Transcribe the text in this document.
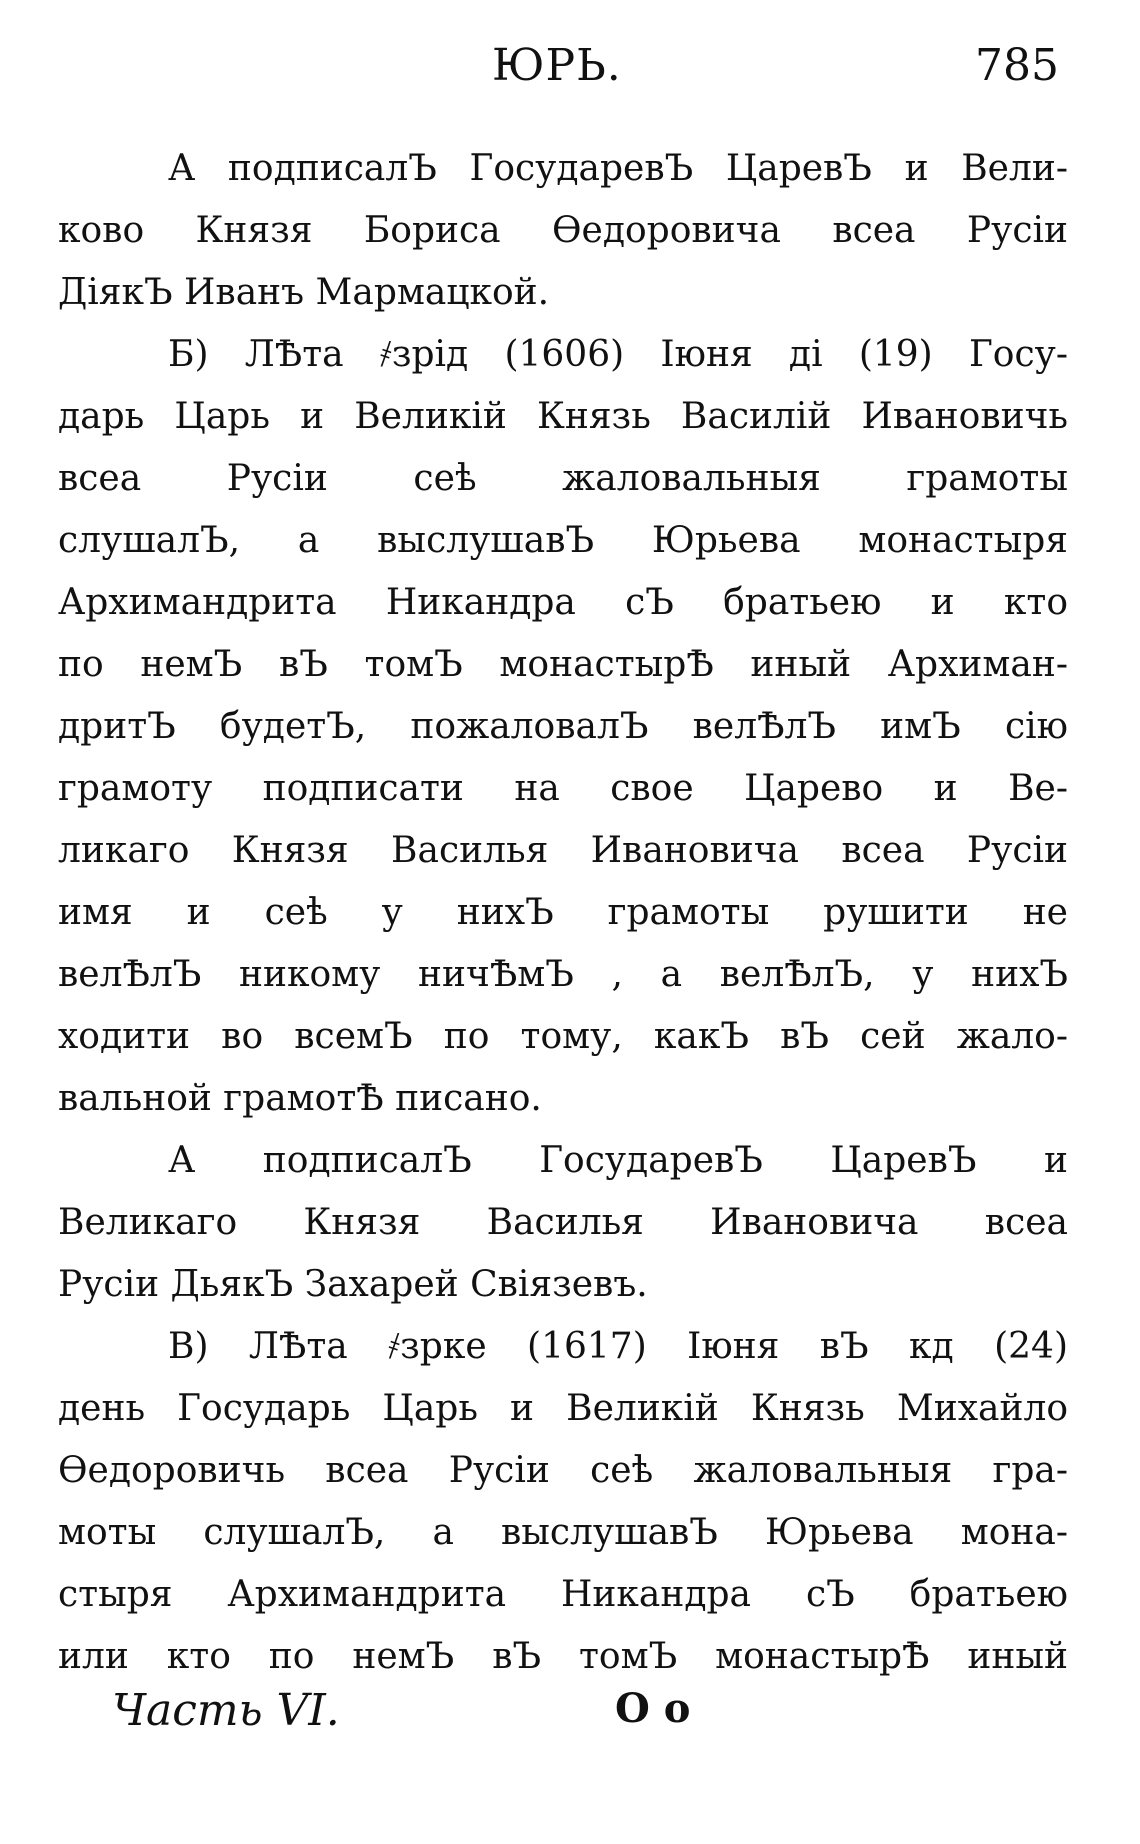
ЮРЬ.	785
А подписалЪ ГосударевЪ ЦаревЪ и Вели-
ково Князя Бориса Өедоровича всеа Русіи
ДіякЪ Иванъ Мармацкой.
Б) ЛѢта ҂зрід (1606) Іюня ді (19) Госу-
дарь Царь и Великій Князь Василій Ивановичь
всеа Русіи сеѣ жаловальныя грамоты
слушалЪ, а выслушавЪ Юрьева монастыря
Архимандрита Никандра сЪ братьею и кто
по немЪ вЪ томЪ монастырѢ иный Архиман-
дритЪ будетЪ, пожаловалЪ велѢлЪ имЪ сію
грамоту подписати на свое Царево и Ве-
ликаго Князя Василья Ивановича всеа Русіи
имя и сеѣ у нихЪ грамоты рушити не
велѢлЪ никому ничѢмЪ , а велѢлЪ, у нихЪ
ходити во всемЪ по тому, какЪ вЪ сей жало-
вальной грамотѢ писано.
А подписалЪ ГосударевЪ ЦаревЪ и
Великаго Князя Василья Ивановича всеа
Русіи ДьякЪ Захарей Свіязевъ.
В) ЛѢта ҂зрке (1617) Іюня вЪ кд (24)
день Государь Царь и Великій Князь Михайло
Өедоровичь всеа Русіи сеѣ жаловальныя гра-
моты слушалЪ, а выслушавЪ Юрьева мона-
стыря Архимандрита Никандра сЪ братьею
или кто по немЪ вЪ томЪ монастырѢ иный
Часть VI.	О о
